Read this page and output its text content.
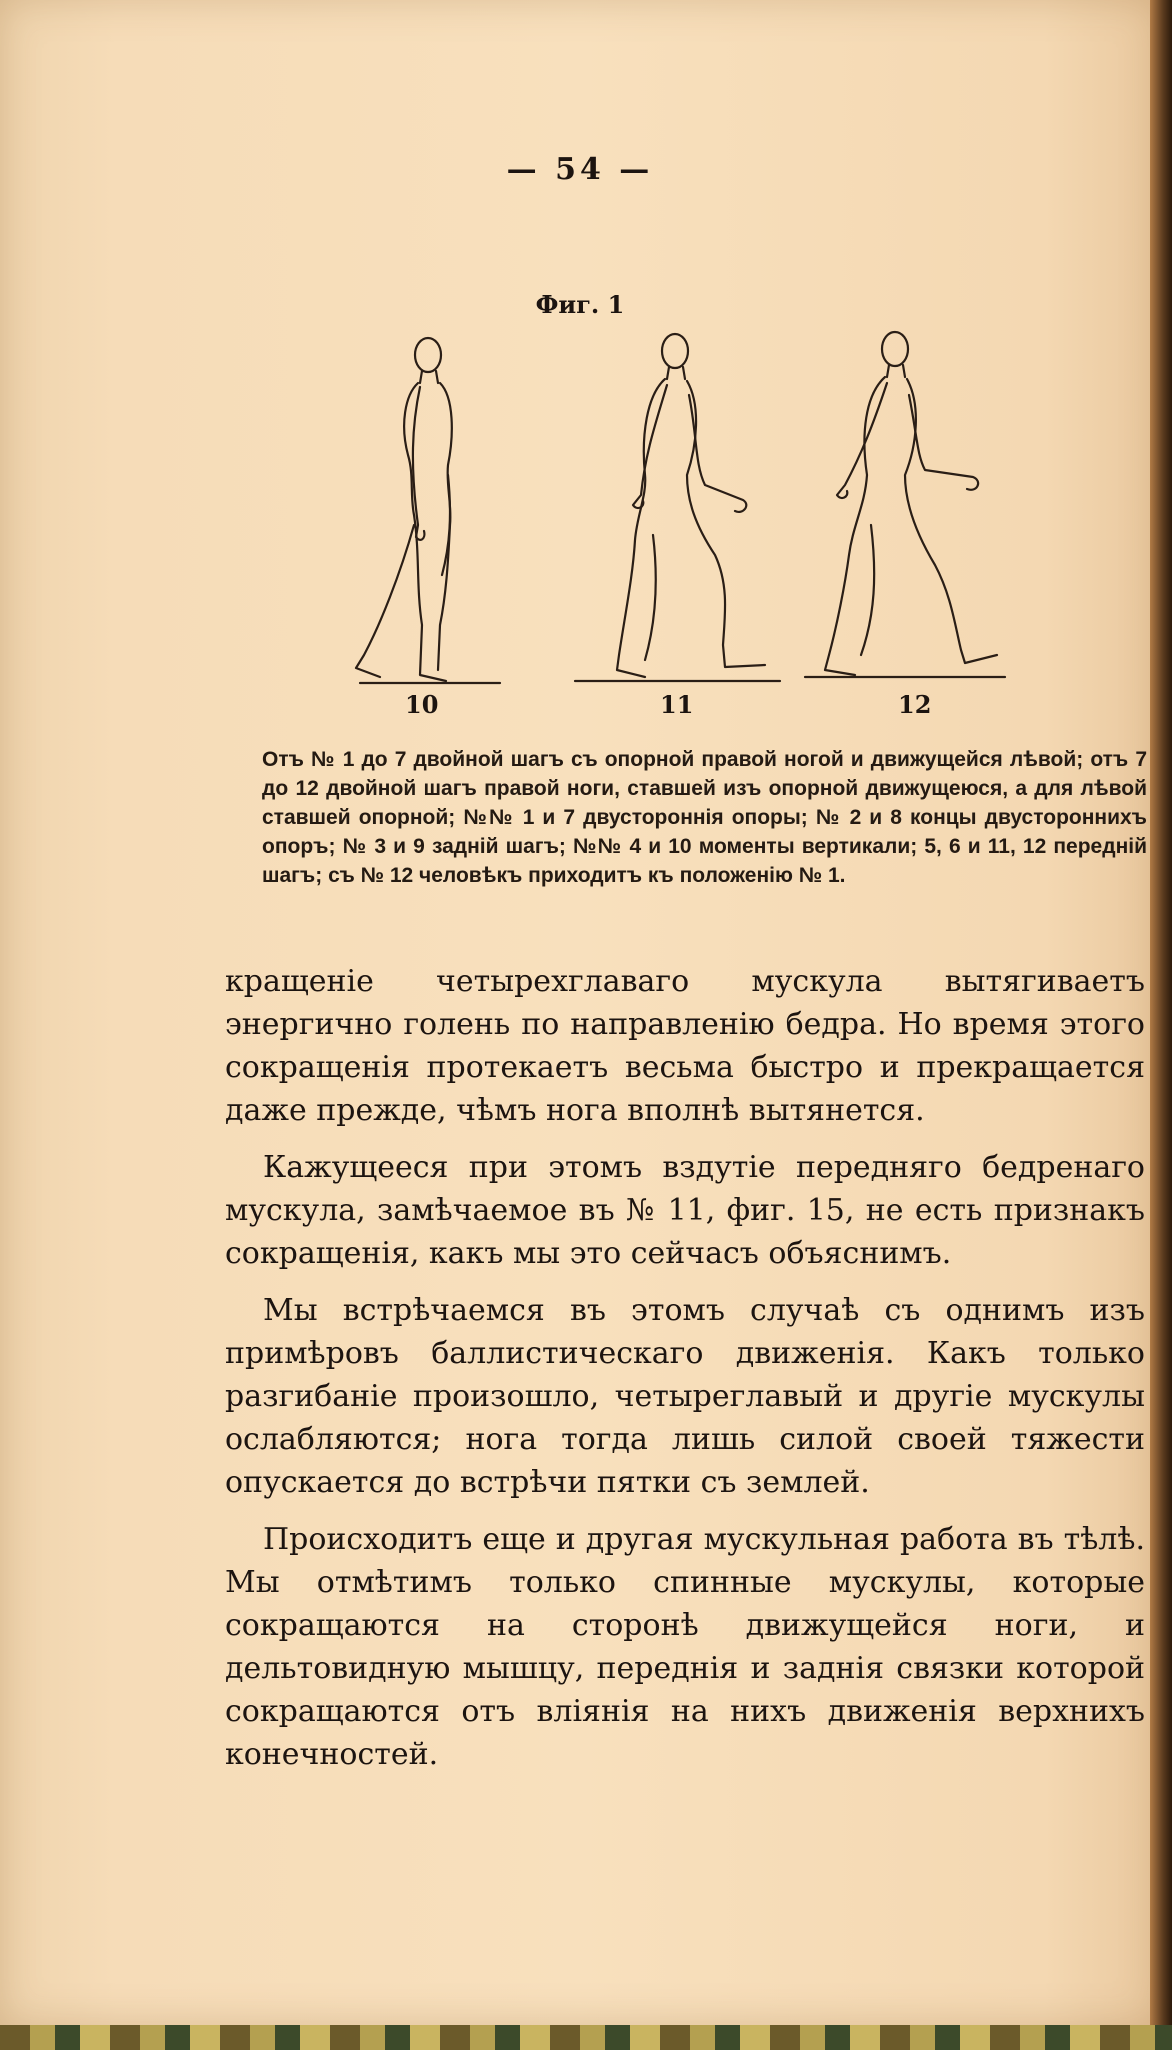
— 54 —
Фиг. 1
10	11	12
Отъ № 1 до 7 двойной шагъ съ опорной правой ногой и движущейся лѣвой; отъ 7 до 12 двойной шагъ правой ноги, ставшей изъ опорной движущеюся, а для лѣвой ставшей опорной; №№ 1 и 7 двустороннія опоры; № 2 и 8 концы двустороннихъ опоръ; № 3 и 9 заднiй шагъ; №№ 4 и 10 моменты вертикали; 5, 6 и 11, 12 передній шагъ; съ № 12 человѣкъ приходитъ къ положенію № 1.

кращеніе четырехглаваго мускула вытягиваетъ энергично голень по направленію бедра. Но время этого сокращенія протекаетъ весьма быстро и прекращается даже прежде, чѣмъ нога вполнѣ вытянется.

Кажущееся при этомъ вздутіе передняго бедренаго мускула, замѣчаемое въ № 11, фиг. 15, не есть признакъ сокращенія, какъ мы это сейчасъ объяснимъ.

Мы встрѣчаемся въ этомъ случаѣ съ однимъ изъ примѣровъ баллистическаго движенія. Какъ только разгибаніе произошло, четыреглавый и другіе мускулы ослабляются; нога тогда лишь силой своей тяжести опускается до встрѣчи пятки съ землей.

Происходитъ еще и другая мускульная работа въ тѣлѣ. Мы отмѣтимъ только спинные мускулы, которые сокращаются на сторонѣ движущейся ноги, и дельтовидную мышцу, переднія и заднія связки которой сокращаются отъ вліянія на нихъ движенія верхнихъ конечностей.
